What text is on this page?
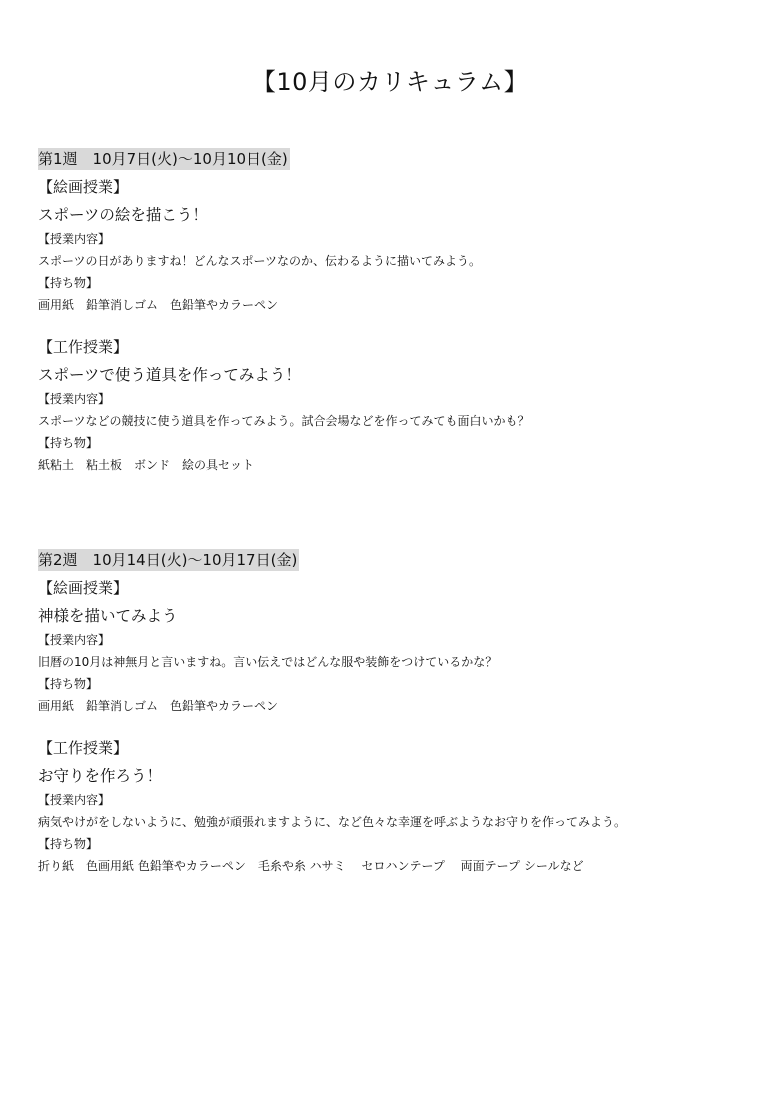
【10月のカリキュラム】
第1週　10月7日(火)〜10月10日(金)
【絵画授業】
スポーツの絵を描こう！
【授業内容】
スポーツの日がありますね！どんなスポーツなのか、伝わるように描いてみよう。
【持ち物】
画用紙　鉛筆消しゴム　色鉛筆やカラーペン
【工作授業】
スポーツで使う道具を作ってみよう！
【授業内容】
スポーツなどの競技に使う道具を作ってみよう。試合会場などを作ってみても面白いかも？
【持ち物】
紙粘土　粘土板　ボンド　絵の具セット
第2週　10月14日(火)〜10月17日(金)
【絵画授業】
神様を描いてみよう
【授業内容】
旧暦の10月は神無月と言いますね。言い伝えではどんな服や装飾をつけているかな？
【持ち物】
画用紙　鉛筆消しゴム　色鉛筆やカラーペン
【工作授業】
お守りを作ろう！
【授業内容】
病気やけがをしないように、勉強が頑張れますように、など色々な幸運を呼ぶようなお守りを作ってみよう。
【持ち物】
折り紙　色画用紙 色鉛筆やカラーペン　毛糸や糸 ハサミ　 セロハンテープ　 両面テープ シールなど
